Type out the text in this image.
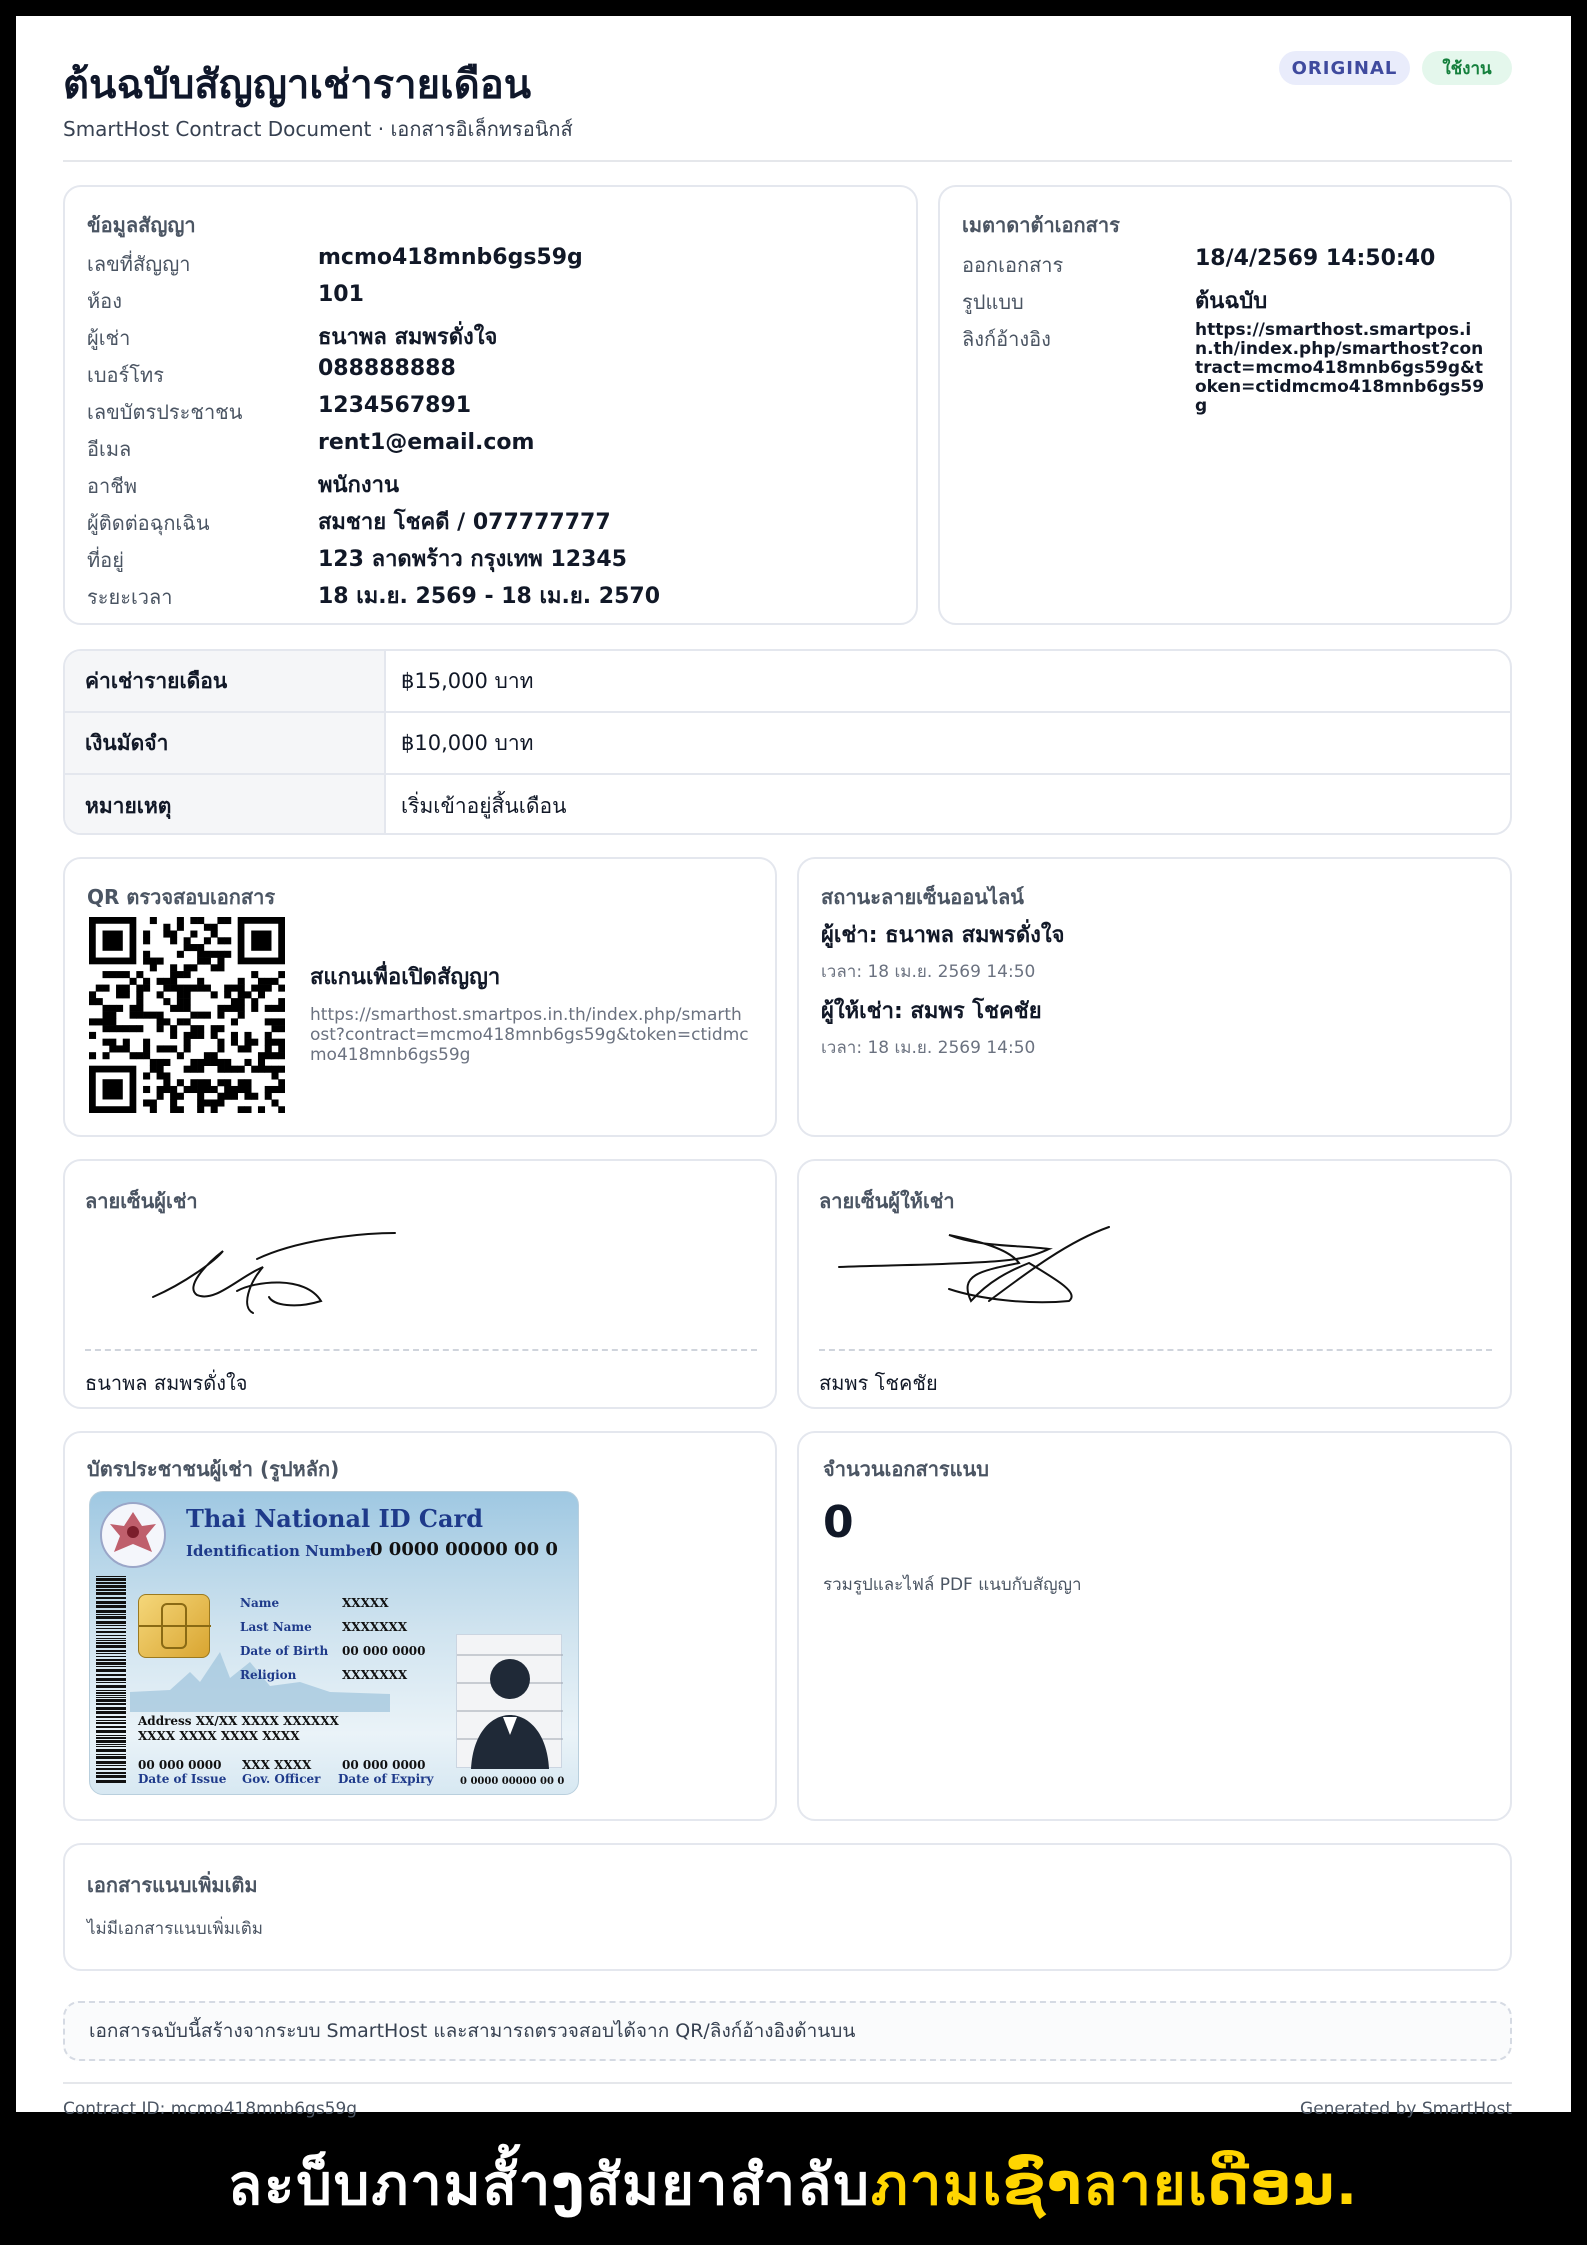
ต้นฉบับสัญญาเช่ารายเดือน
SmartHost Contract Document · เอกสารอิเล็กทรอนิกส์
ORIGINAL	ใช้งาน
ข้อมูลสัญญา
เลขที่สัญญา	mcmo418mnb6gs59g
ห้อง	101
ผู้เช่า	ธนาพล สมพรดั่งใจ
เบอร์โทร	088888888
เลขบัตรประชาชน	1234567891
อีเมล	rent1@email.com
อาชีพ	พนักงาน
ผู้ติดต่อฉุกเฉิน	สมชาย โชคดี / 077777777
ที่อยู่	123 ลาดพร้าว กรุงเทพ 12345
ระยะเวลา	18 เม.ย. 2569 - 18 เม.ย. 2570
เมตาดาต้าเอกสาร
ออกเอกสาร	18/4/2569 14:50:40
รูปแบบ	ต้นฉบับ
ลิงก์อ้างอิง	https://smarthost.smartpos.in.th/index.php/smarthost?contract=mcmo418mnb6gs59g&token=ctidmcmo418mnb6gs59g
ค่าเช่ารายเดือน	฿15,000 บาท
เงินมัดจำ	฿10,000 บาท
หมายเหตุ	เริ่มเข้าอยู่สิ้นเดือน
QR ตรวจสอบเอกสาร
สแกนเพื่อเปิดสัญญา
https://smarthost.smartpos.in.th/index.php/smarthost?contract=mcmo418mnb6gs59g&token=ctidmcmo418mnb6gs59g
สถานะลายเซ็นออนไลน์
ผู้เช่า: ธนาพล สมพรดั่งใจ
เวลา: 18 เม.ย. 2569 14:50
ผู้ให้เช่า: สมพร โชคชัย
เวลา: 18 เม.ย. 2569 14:50
ลายเซ็นผู้เช่า
ธนาพล สมพรดั่งใจ
ลายเซ็นผู้ให้เช่า
สมพร โชคชัย
บัตรประชาชนผู้เช่า (รูปหลัก)
Thai National ID Card
Identification Number
0 0000 00000 00 0
Name	XXXXX
Last Name	XXXXXXX
Date of Birth 00 000 0000
Religion	XXXXXXX
Address XX/XX XXXX XXXXXX
XXXX XXXX XXXX XXXX
00 000 0000
Date of Issue
XXX XXXX
Gov. Officer
00 000 0000
Date of Expiry	0 0000 00000 00 0
จำนวนเอกสารแนบ
0
รวมรูปและไฟล์ PDF แนบกับสัญญา
เอกสารแนบเพิ่มเติม
ไม่มีเอกสารแนบเพิ่มเติม
เอกสารฉบับนี้สร้างจากระบบ SmartHost และสามารถตรวจสอบได้จาก QR/ลิงก์อ้างอิงด้านบน
Contract ID: mcmo418mnb6gs59g	Generated by SmartHost
ละบ็บภามสั้าງสัมยาสำลับภามเຊົ່າลายเດືອນ.
